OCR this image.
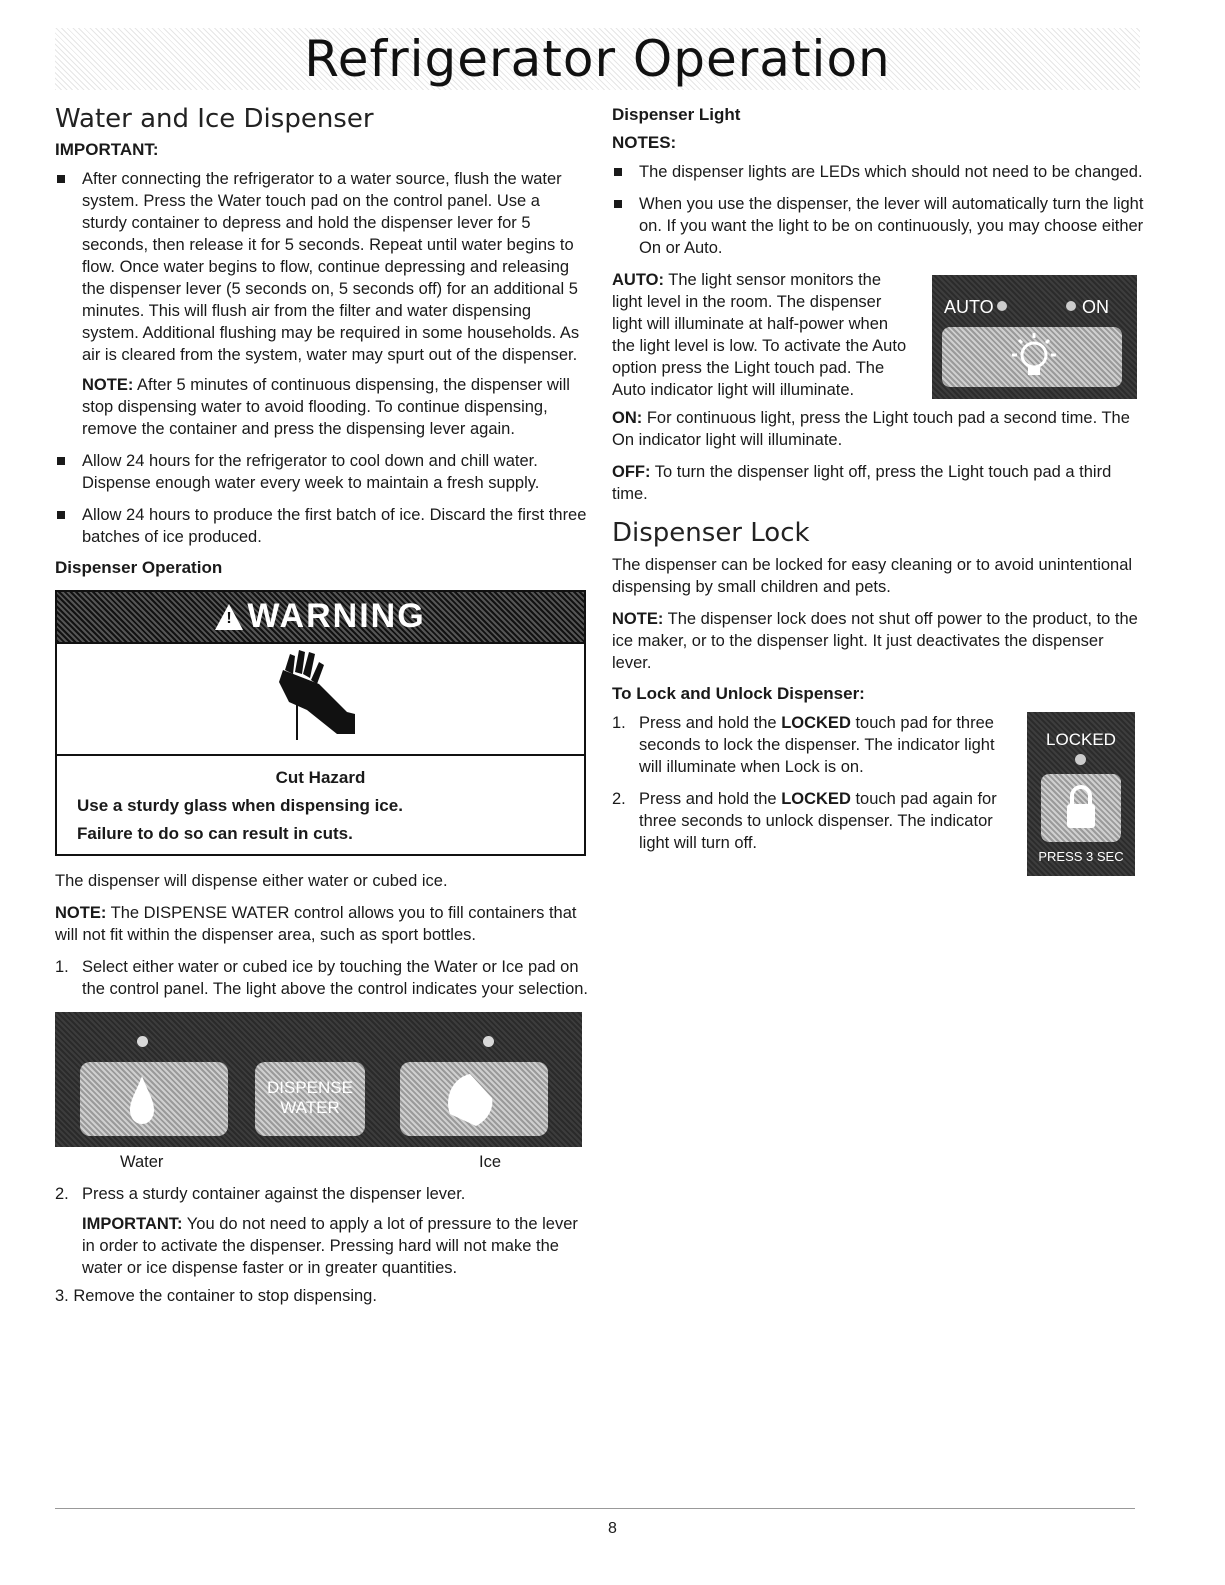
Refrigerator Operation
Water and Ice Dispenser
IMPORTANT:
After connecting the refrigerator to a water source, flush the water system. Press the Water touch pad on the control panel. Use a sturdy container to depress and hold the dispenser lever for 5 seconds, then release it for 5 seconds. Repeat until water begins to flow. Once water begins to flow, continue depressing and releasing the dispenser lever (5 seconds on, 5 seconds off) for an additional 5 minutes. This will flush air from the filter and water dispensing system. Additional flushing may be required in some households. As air is cleared from the system, water may spurt out of the dispenser.

NOTE: After 5 minutes of continuous dispensing, the dispenser will stop dispensing water to avoid flooding. To continue dispensing, remove the container and press the dispensing lever again.

Allow 24 hours for the refrigerator to cool down and chill water. Dispense enough water every week to maintain a fresh supply.
Allow 24 hours to produce the first batch of ice. Discard the first three batches of ice produced.
Dispenser Operation
! WARNING
Cut Hazard
Use a sturdy glass when dispensing ice.
Failure to do so can result in cuts.

The dispenser will dispense either water or cubed ice.

NOTE: The DISPENSE WATER control allows you to fill containers that will not fit within the dispenser area, such as sport bottles.

1. Select either water or cubed ice by touching the Water or Ice pad on the control panel. The light above the control indicates your selection.
DISPENSE
WATER
Water	Ice
2. Press a sturdy container against the dispenser lever.

IMPORTANT: You do not need to apply a lot of pressure to the lever in order to activate the dispenser. Pressing hard will not make the water or ice dispense faster or in greater quantities.

3. Remove the container to stop dispensing.

Dispenser Light
NOTES:
The dispenser lights are LEDs which should not need to be changed.
When you use the dispenser, the lever will automatically turn the light on. If you want the light to be on continuously, you may choose either On or Auto.

AUTO: The light sensor monitors the light level in the room. The dispenser light will illuminate at half-power when the light level is low. To activate the Auto option press the Light touch pad. The Auto indicator light will illuminate.

AUTO	ON

ON: For continuous light, press the Light touch pad a second time. The On indicator light will illuminate.

OFF: To turn the dispenser light off, press the Light touch pad a third time.

Dispenser Lock

The dispenser can be locked for easy cleaning or to avoid unintentional dispensing by small children and pets.

NOTE: The dispenser lock does not shut off power to the product, to the ice maker, or to the dispenser light. It just deactivates the dispenser lever.

To Lock and Unlock Dispenser:
1. Press and hold the LOCKED touch pad for three seconds to lock the dispenser. The indicator light will illuminate when Lock is on.
2. Press and hold the LOCKED touch pad again for three seconds to unlock dispenser. The indicator light will turn off.
LOCKED
PRESS 3 SEC
8
